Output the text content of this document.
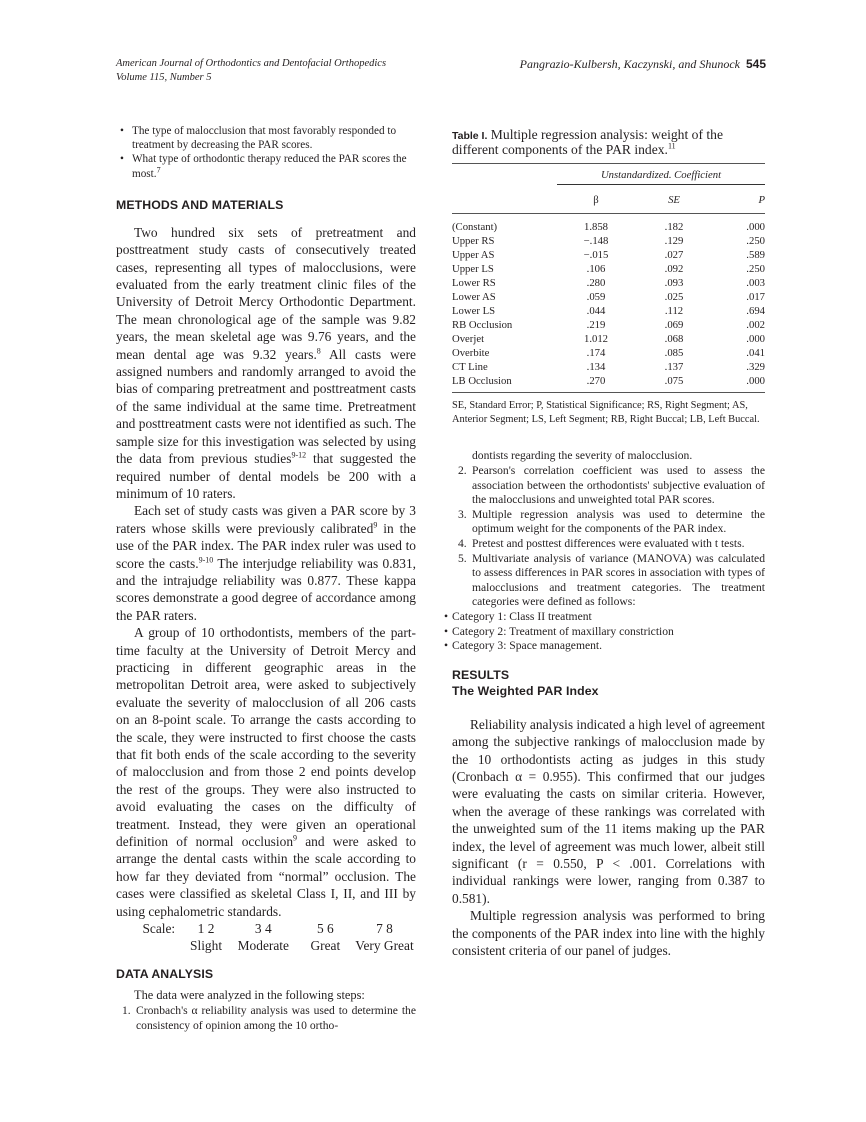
American Journal of Orthodontics and Dentofacial Orthopedics
Volume 115, Number 5
Pangrazio-Kulbersh, Kaczynski, and Shunock 545
• The type of malocclusion that most favorably responded to treatment by decreasing the PAR scores.
• What type of orthodontic therapy reduced the PAR scores the most.$^7$
METHODS AND MATERIALS

Two hundred six sets of pretreatment and posttreatment study casts of consecutively treated cases, representing all types of malocclusions, were evaluated from the early treatment clinic files of the University of Detroit Mercy Orthodontic Department. The mean chronological age of the sample was 9.82 years, the mean skeletal age was 9.76 years, and the mean dental age was 9.32 years.$^8$ All casts were assigned numbers and randomly arranged to avoid the bias of comparing pretreatment and posttreatment casts of the same individual at the same time. Pretreatment and posttreatment casts were not identified as such. The sample size for this investigation was selected by using the data from previous studies$^{9-12}$ that suggested the required number of dental models be 200 with a minimum of 10 raters.

Each set of study casts was given a PAR score by 3 raters whose skills were previously calibrated$^9$ in the use of the PAR index. The PAR index ruler was used to score the casts.$^{9-10}$ The interjudge reliability was 0.831, and the intrajudge reliability was 0.877. These kappa scores demonstrate a good degree of accordance among the PAR raters.

A group of 10 orthodontists, members of the part-time faculty at the University of Detroit Mercy and practicing in different geographic areas in the metropolitan Detroit area, were asked to subjectively evaluate the severity of malocclusion of all 206 casts on an 8-point scale. To arrange the casts according to the scale, they were instructed to first choose the casts that fit both ends of the scale according to the severity of malocclusion and from those 2 end points develop the rest of the groups. They were also instructed to avoid evaluating the cases on the difficulty of treatment. Instead, they were given an operational definition of normal occlusion$^9$ and were asked to arrange the dental casts within the scale according to how far they deviated from “normal” occlusion. The cases were classified as skeletal Class I, II, and III by using cephalometric standards.

Scale:	1 2	3 4	5 6	7 8
Slight	Moderate	Great	Very Great
DATA ANALYSIS

The data were analyzed in the following steps:

1. Cronbach's α reliability analysis was used to determine the consistency of opinion among the 10 ortho-
Table I. Multiple regression analysis: weight of the different components of the PAR index.$^{11}$
	Unstandardized. Coefficient		

	β	SE	P

(Constant)	1.858	.182	.000
Upper RS	−.148	.129	.250
Upper AS	−.015	.027	.589
Upper LS	.106	.092	.250
Lower RS	.280	.093	.003
Lower AS	.059	.025	.017
Lower LS	.044	.112	.694
RB Occlusion	.219	.069	.002
Overjet	1.012	.068	.000
Overbite	.174	.085	.041
CT Line	.134	.137	.329
LB Occlusion	.270	.075	.000
SE, Standard Error; P, Statistical Significance; RS, Right Segment; AS, Anterior Segment; LS, Left Segment; RB, Right Buccal; LB, Left Buccal.
dontists regarding the severity of malocclusion.
2. Pearson's correlation coefficient was used to assess the association between the orthodontists' subjective evaluation of the malocclusions and unweighted total PAR scores.
3. Multiple regression analysis was used to determine the optimum weight for the components of the PAR index.
4. Pretest and posttest differences were evaluated with t tests.
5. Multivariate analysis of variance (MANOVA) was calculated to assess differences in PAR scores in association with types of malocclusions and treatment categories. The treatment categories were defined as follows:
• Category 1: Class II treatment
• Category 2: Treatment of maxillary constriction
• Category 3: Space management.
RESULTS
The Weighted PAR Index

Reliability analysis indicated a high level of agreement among the subjective rankings of malocclusion made by the 10 orthodontists acting as judges in this study (Cronbach α = 0.955). This confirmed that our judges were evaluating the casts on similar criteria. However, when the average of these rankings was correlated with the unweighted sum of the 11 items making up the PAR index, the level of agreement was much lower, albeit still significant (r = 0.550, P < .001. Correlations with individual rankings were lower, ranging from 0.387 to 0.581).

Multiple regression analysis was performed to bring the components of the PAR index into line with the highly consistent criteria of our panel of judges.
